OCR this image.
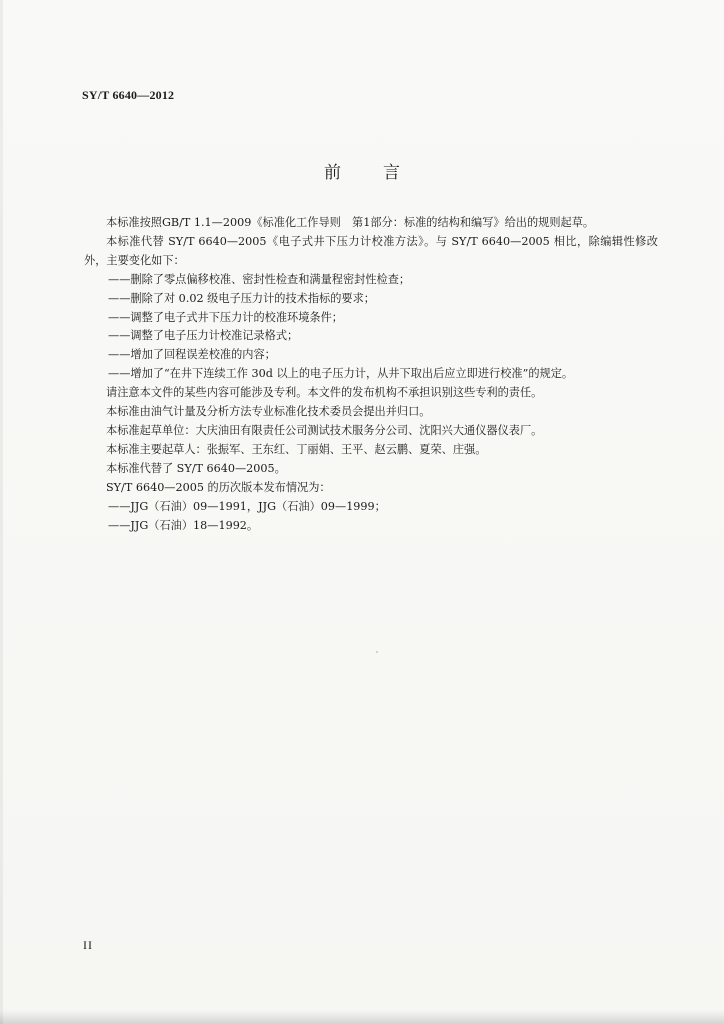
SY/T 6640—2012
前言

本标准按照GB/T 1.1—2009《标准化工作导则　第1部分：标准的结构和编写》给出的规则起草。

本标准代替 SY/T 6640—2005《电子式井下压力计校准方法》。与 SY/T 6640—2005 相比，除编辑性修改外，主要变化如下：

——删除了零点偏移校准、密封性检查和满量程密封性检查；

——删除了对 0.02 级电子压力计的技术指标的要求；

——调整了电子式井下压力计的校准环境条件；

——调整了电子压力计校准记录格式；

——增加了回程误差校准的内容；

——增加了“在井下连续工作 30d 以上的电子压力计，从井下取出后应立即进行校准”的规定。

请注意本文件的某些内容可能涉及专利。本文件的发布机构不承担识别这些专利的责任。

本标准由油气计量及分析方法专业标准化技术委员会提出并归口。

本标准起草单位：大庆油田有限责任公司测试技术服务分公司、沈阳兴大通仪器仪表厂。

本标准主要起草人：张振军、王东红、丁丽娟、王平、赵云鹏、夏荣、庄强。

本标准代替了 SY/T 6640—2005。

SY/T 6640—2005 的历次版本发布情况为：

——JJG（石油）09—1991，JJG（石油）09—1999；

——JJG（石油）18—1992。

II
